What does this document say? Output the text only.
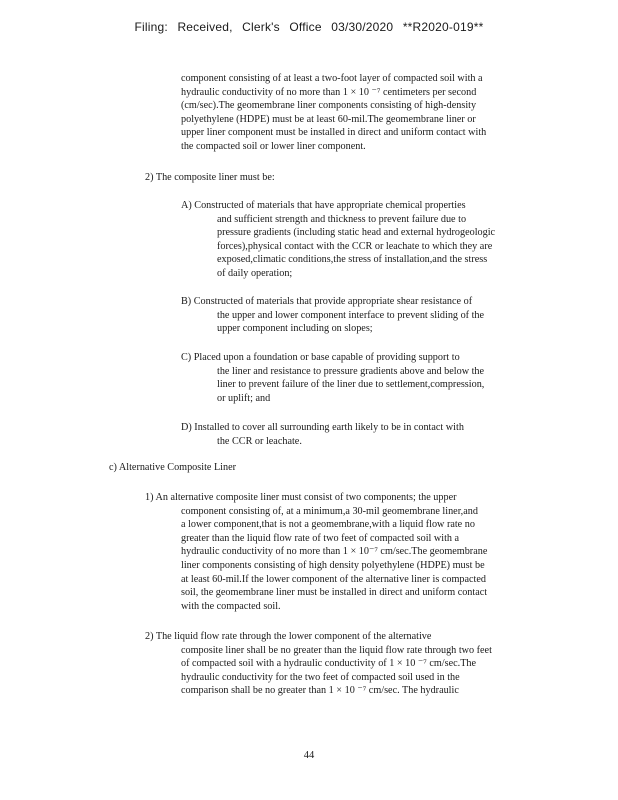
Filing: Received, Clerk's Office 03/30/2020 **R2020-019**
component consisting of at least a two-foot layer of compacted soil with a
hydraulic conductivity of no more than 1 × 10 ⁻⁷ centimeters per second
(cm/sec).The geomembrane liner components consisting of high-density
polyethylene (HDPE) must be at least 60-mil.The geomembrane liner or
upper liner component must be installed in direct and uniform contact with
the compacted soil or lower liner component.
2) The composite liner must be:
A) Constructed of materials that have appropriate chemical properties
and sufficient strength and thickness to prevent failure due to
pressure gradients (including static head and external hydrogeologic
forces),physical contact with the CCR or leachate to which they are
exposed,climatic conditions,the stress of installation,and the stress
of daily operation;
B) Constructed of materials that provide appropriate shear resistance of
the upper and lower component interface to prevent sliding of the
upper component including on slopes;
C) Placed upon a foundation or base capable of providing support to
the liner and resistance to pressure gradients above and below the
liner to prevent failure of the liner due to settlement,compression,
or uplift; and
D) Installed to cover all surrounding earth likely to be in contact with
the CCR or leachate.
c) Alternative Composite Liner
1) An alternative composite liner must consist of two components; the upper
component consisting of, at a minimum,a 30-mil geomembrane liner,and
a lower component,that is not a geomembrane,with a liquid flow rate no
greater than the liquid flow rate of two feet of compacted soil with a
hydraulic conductivity of no more than 1 × 10⁻⁷ cm/sec.The geomembrane
liner components consisting of high density polyethylene (HDPE) must be
at least 60-mil.If the lower component of the alternative liner is compacted
soil, the geomembrane liner must be installed in direct and uniform contact
with the compacted soil.
2) The liquid flow rate through the lower component of the alternative
composite liner shall be no greater than the liquid flow rate through two feet
of compacted soil with a hydraulic conductivity of 1 × 10 ⁻⁷ cm/sec.The
hydraulic conductivity for the two feet of compacted soil used in the
comparison shall be no greater than 1 × 10 ⁻⁷ cm/sec. The hydraulic
44
